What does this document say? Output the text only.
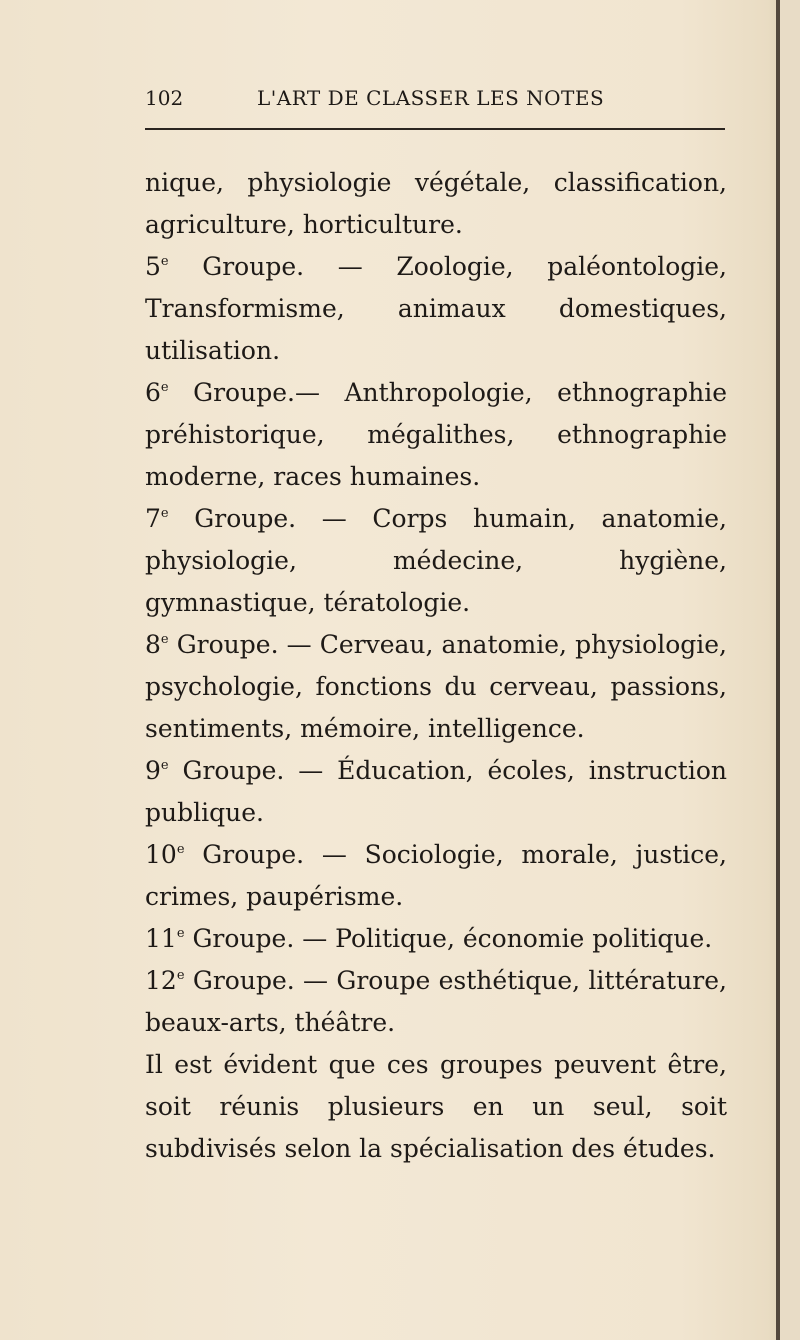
102	L'ART DE CLASSER LES NOTES

nique, physiologie végétale, classification, agriculture, horticulture.

5e Groupe. — Zoologie, paléontologie, Transformisme, animaux domestiques, utilisation.

6e Groupe.— Anthropologie, ethnographie préhistorique, mégalithes, ethnographie moderne, races humaines.

7e Groupe. — Corps humain, anatomie, physiologie, médecine, hygiène, gymnastique, tératologie.

8e Groupe. — Cerveau, anatomie, physiologie, psychologie, fonctions du cerveau, passions, sentiments, mémoire, intelligence.

9e Groupe. — Éducation, écoles, instruction publique.

10e Groupe. — Sociologie, morale, justice, crimes, paupérisme.

11e Groupe. — Politique, économie politique.

12e Groupe. — Groupe esthétique, littérature, beaux-arts, théâtre.

Il est évident que ces groupes peuvent être, soit réunis plusieurs en un seul, soit subdivisés selon la spécialisation des études.
